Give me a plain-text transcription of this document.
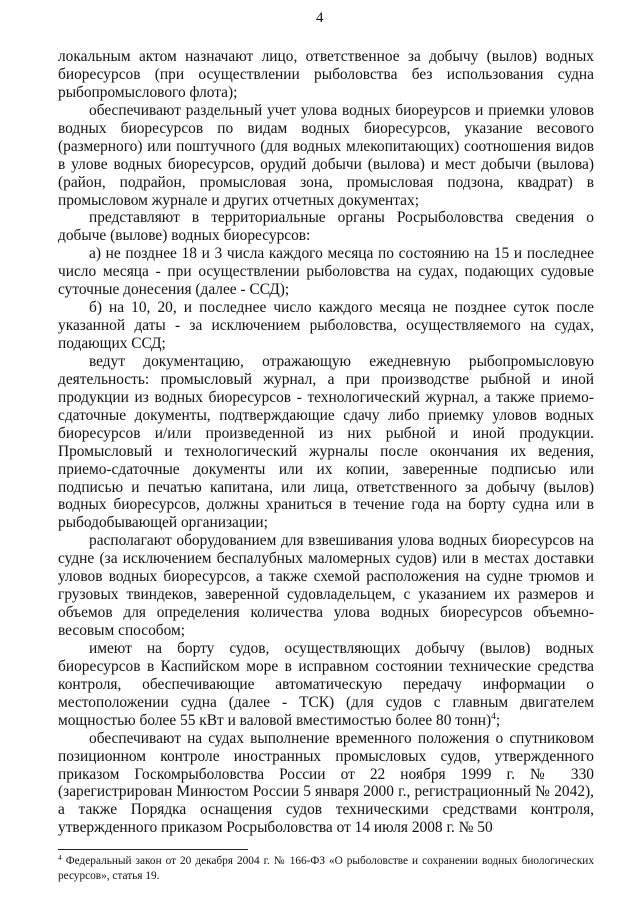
4

локальным актом назначают лицо, ответственное за добычу (вылов) водных биоресурсов (при осуществлении рыболовства без использования судна рыбопромыслового флота);

обеспечивают раздельный учет улова водных биореурсов и приемки уловов водных биоресурсов по видам водных биоресурсов, указание весового (размерного) или поштучного (для водных млекопитающих) соотношения видов в улове водных биоресурсов, орудий добычи (вылова) и мест добычи (вылова) (район, подрайон, промысловая зона, промысловая подзона, квадрат) в промысловом журнале и других отчетных документах;

представляют в территориальные органы Росрыболовства сведения о добыче (вылове) водных биоресурсов:

а) не позднее 18 и 3 числа каждого месяца по состоянию на 15 и последнее число месяца - при осуществлении рыболовства на судах, подающих судовые суточные донесения (далее - ССД);

б) на 10, 20, и последнее число каждого месяца не позднее суток после указанной даты - за исключением рыболовства, осуществляемого на судах, подающих ССД;

ведут документацию, отражающую ежедневную рыбопромысловую деятельность: промысловый журнал, а при производстве рыбной и иной продукции из водных биоресурсов - технологический журнал, а также приемо-сдаточные документы, подтверждающие сдачу либо приемку уловов водных биоресурсов и/или произведенной из них рыбной и иной продукции. Промысловый и технологический журналы после окончания их ведения, приемо-сдаточные документы или их копии, заверенные подписью или подписью и печатью капитана, или лица, ответственного за добычу (вылов) водных биоресурсов, должны храниться в течение года на борту судна или в рыбодобывающей организации;

располагают оборудованием для взвешивания улова водных биоресурсов на судне (за исключением беспалубных маломерных судов) или в местах доставки уловов водных биоресурсов, а также схемой расположения на судне трюмов и грузовых твиндеков, заверенной судовладельцем, с указанием их размеров и объемов для определения количества улова водных биоресурсов объемно-весовым способом;

имеют на борту судов, осуществляющих добычу (вылов) водных биоресурсов в Каспийском море в исправном состоянии технические средства контроля, обеспечивающие автоматическую передачу информации о местоположении судна (далее - ТСК) (для судов с главным двигателем мощностью более 55 кВт и валовой вместимостью более 80 тонн)$^4$;

обеспечивают на судах выполнение временного положения о спутниковом позиционном контроле иностранных промысловых судов, утвержденного приказом Госкомрыболовства России от 22 ноября 1999 г. № 330 (зарегистрирован Минюстом России 5 января 2000 г., регистрационный № 2042), а также Порядка оснащения судов техническими средствами контроля, утвержденного приказом Росрыболовства от 14 июля 2008 г. № 50

$^4$ Федеральный закон от 20 декабря 2004 г. № 166-ФЗ «О рыболовстве и сохранении водных биологических ресурсов», статья 19.
